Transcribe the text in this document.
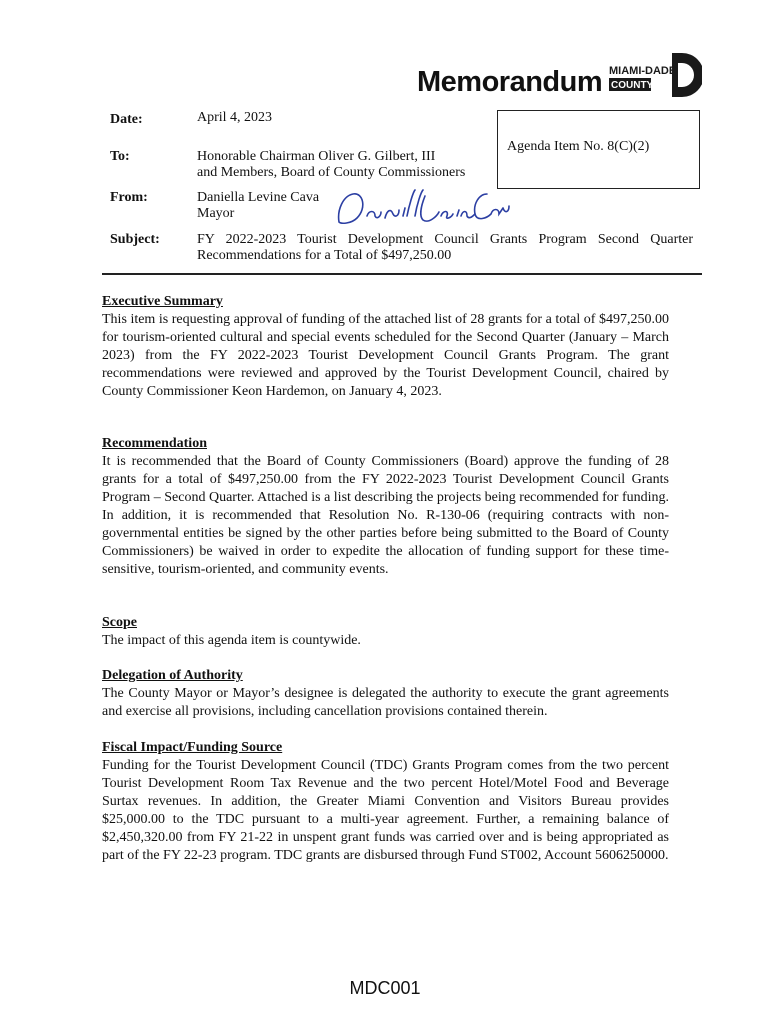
Memorandum MIAMI-DADE
COUNTY
Date:	April 4, 2023
To:	Honorable Chairman Oliver G. Gilbert, III
and Members, Board of County Commissioners
Agenda Item No. 8(C)(2)
From:	Daniella Levine Cava
Mayor
Subject:	FY 2022-2023 Tourist Development Council Grants Program Second Quarter Recommendations for a Total of $497,250.00
Executive Summary
This item is requesting approval of funding of the attached list of 28 grants for a total of $497,250.00 for tourism-oriented cultural and special events scheduled for the Second Quarter (January – March 2023) from the FY 2022-2023 Tourist Development Council Grants Program. The grant recommendations were reviewed and approved by the Tourist Development Council, chaired by County Commissioner Keon Hardemon, on January 4, 2023.
Recommendation
It is recommended that the Board of County Commissioners (Board) approve the funding of 28 grants for a total of $497,250.00 from the FY 2022-2023 Tourist Development Council Grants Program – Second Quarter. Attached is a list describing the projects being recommended for funding. In addition, it is recommended that Resolution No. R-130-06 (requiring contracts with non-governmental entities be signed by the other parties before being submitted to the Board of County Commissioners) be waived in order to expedite the allocation of funding support for these time-sensitive, tourism-oriented, and community events.
Scope
The impact of this agenda item is countywide.
Delegation of Authority
The County Mayor or Mayor’s designee is delegated the authority to execute the grant agreements and exercise all provisions, including cancellation provisions contained therein.
Fiscal Impact/Funding Source
Funding for the Tourist Development Council (TDC) Grants Program comes from the two percent Tourist Development Room Tax Revenue and the two percent Hotel/Motel Food and Beverage Surtax revenues. In addition, the Greater Miami Convention and Visitors Bureau provides $25,000.00 to the TDC pursuant to a multi-year agreement. Further, a remaining balance of $2,450,320.00 from FY 21-22 in unspent grant funds was carried over and is being appropriated as part of the FY 22-23 program. TDC grants are disbursed through Fund ST002, Account 5606250000.
MDC001
